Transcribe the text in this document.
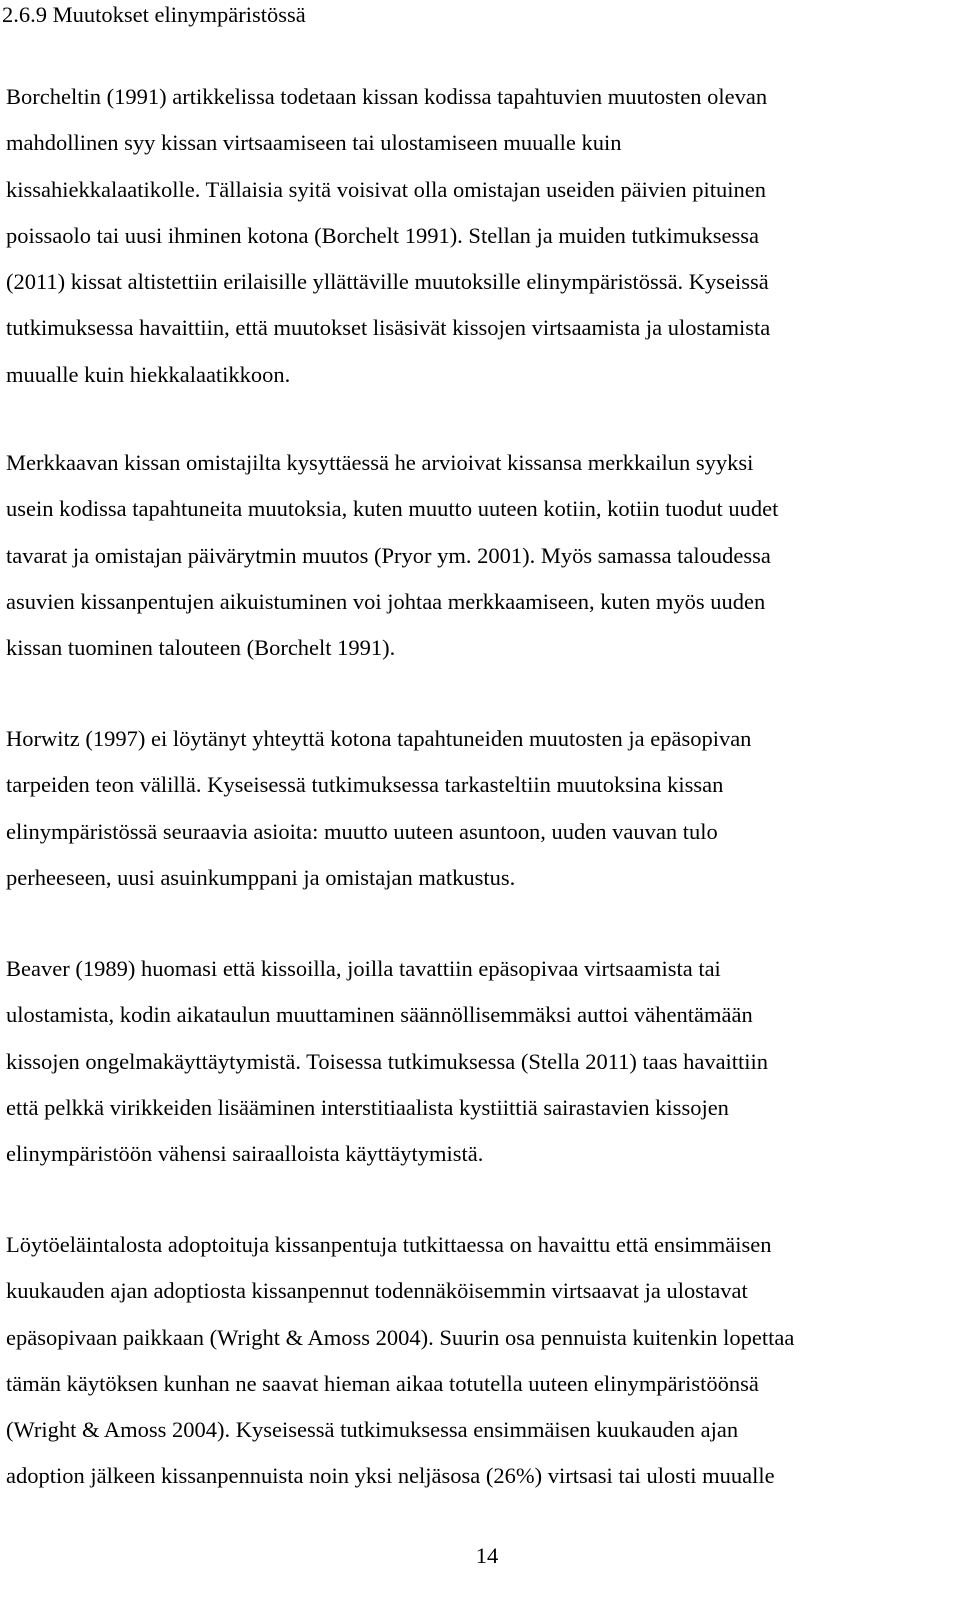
2.6.9 Muutokset elinympäristössä

Borcheltin (1991) artikkelissa todetaan kissan kodissa tapahtuvien muutosten olevan
mahdollinen syy kissan virtsaamiseen tai ulostamiseen muualle kuin
kissahiekkalaatikolle. Tällaisia syitä voisivat olla omistajan useiden päivien pituinen
poissaolo tai uusi ihminen kotona (Borchelt 1991). Stellan ja muiden tutkimuksessa
(2011) kissat altistettiin erilaisille yllättäville muutoksille elinympäristössä. Kyseissä
tutkimuksessa havaittiin, että muutokset lisäsivät kissojen virtsaamista ja ulostamista
muualle kuin hiekkalaatikkoon.

Merkkaavan kissan omistajilta kysyttäessä he arvioivat kissansa merkkailun syyksi
usein kodissa tapahtuneita muutoksia, kuten muutto uuteen kotiin, kotiin tuodut uudet
tavarat ja omistajan päivärytmin muutos (Pryor ym. 2001). Myös samassa taloudessa
asuvien kissanpentujen aikuistuminen voi johtaa merkkaamiseen, kuten myös uuden
kissan tuominen talouteen (Borchelt 1991).

Horwitz (1997) ei löytänyt yhteyttä kotona tapahtuneiden muutosten ja epäsopivan
tarpeiden teon välillä. Kyseisessä tutkimuksessa tarkasteltiin muutoksina kissan
elinympäristössä seuraavia asioita: muutto uuteen asuntoon, uuden vauvan tulo
perheeseen, uusi asuinkumppani ja omistajan matkustus.

Beaver (1989) huomasi että kissoilla, joilla tavattiin epäsopivaa virtsaamista tai
ulostamista, kodin aikataulun muuttaminen säännöllisemmäksi auttoi vähentämään
kissojen ongelmakäyttäytymistä. Toisessa tutkimuksessa (Stella 2011) taas havaittiin
että pelkkä virikkeiden lisääminen interstitiaalista kystiittiä sairastavien kissojen
elinympäristöön vähensi sairaalloista käyttäytymistä.

Löytöeläintalosta adoptoituja kissanpentuja tutkittaessa on havaittu että ensimmäisen
kuukauden ajan adoptiosta kissanpennut todennäköisemmin virtsaavat ja ulostavat
epäsopivaan paikkaan (Wright & Amoss 2004). Suurin osa pennuista kuitenkin lopettaa
tämän käytöksen kunhan ne saavat hieman aikaa totutella uuteen elinympäristöönsä
(Wright & Amoss 2004). Kyseisessä tutkimuksessa ensimmäisen kuukauden ajan
adoption jälkeen kissanpennuista noin yksi neljäsosa (26%) virtsasi tai ulosti muualle

14
